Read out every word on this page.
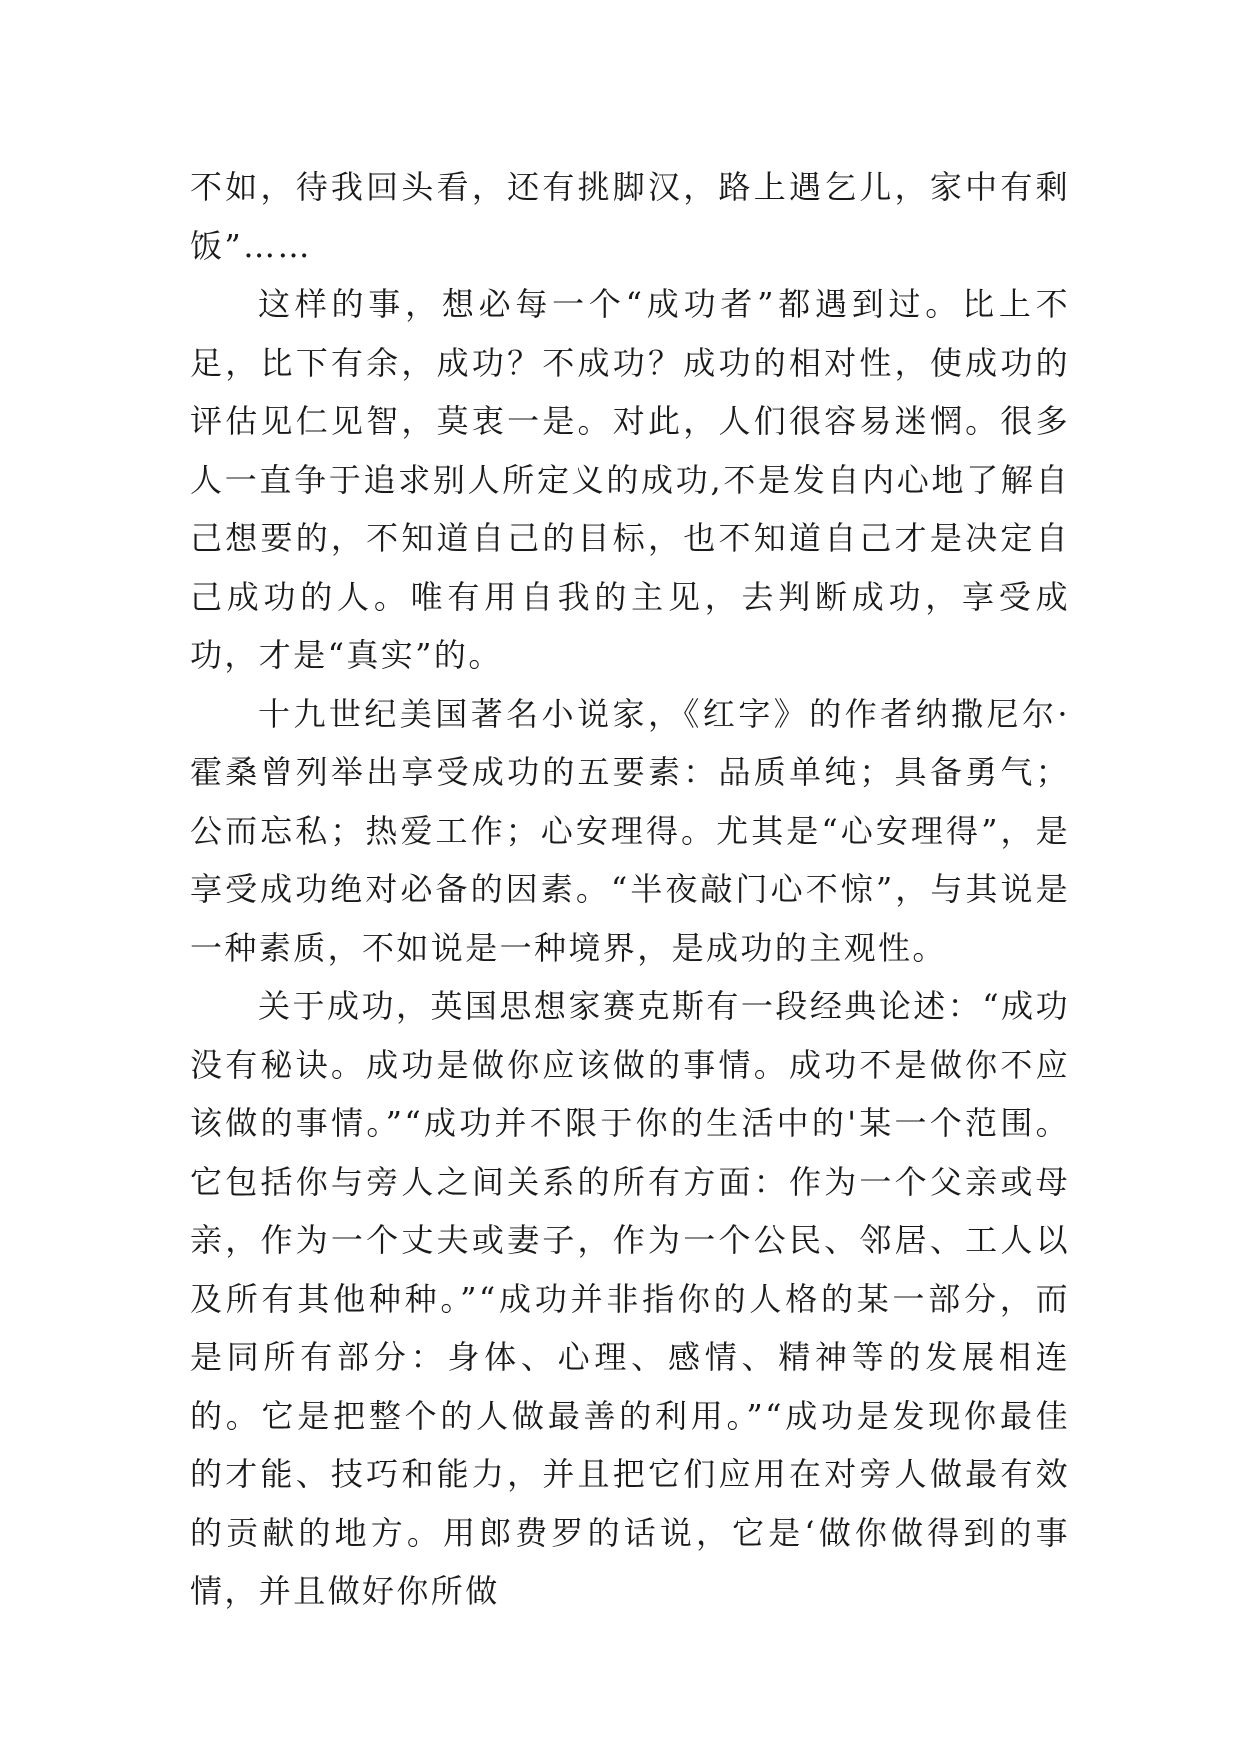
不如，待我回头看，还有挑脚汉，路上遇乞儿，家中有剩饭”……

这样的事，想必每一个“成功者”都遇到过。比上不足，比下有余，成功？不成功？成功的相对性，使成功的评估见仁见智，莫衷一是。对此，人们很容易迷惘。很多人一直争于追求别人所定义的成功,不是发自内心地了解自己想要的，不知道自己的目标，也不知道自己才是决定自己成功的人。唯有用自我的主见，去判断成功，享受成功，才是“真实”的。

十九世纪美国著名小说家，《红字》的作者纳撒尼尔·霍桑曾列举出享受成功的五要素：品质单纯；具备勇气；公而忘私；热爱工作；心安理得。尤其是“心安理得”，是享受成功绝对必备的因素。“半夜敲门心不惊”，与其说是一种素质，不如说是一种境界，是成功的主观性。

关于成功，英国思想家赛克斯有一段经典论述：“成功没有秘诀。成功是做你应该做的事情。成功不是做你不应该做的事情。”“成功并不限于你的生活中的'某一个范围。它包括你与旁人之间关系的所有方面：作为一个父亲或母亲，作为一个丈夫或妻子，作为一个公民、邻居、工人以及所有其他种种。”“成功并非指你的人格的某一部分，而是同所有部分：身体、心理、感情、精神等的发展相连的。它是把整个的人做最善的利用。”“成功是发现你最佳的才能、技巧和能力，并且把它们应用在对旁人做最有效的贡献的地方。用郎费罗的话说，它是‘做你做得到的事情，并且做好你所做
